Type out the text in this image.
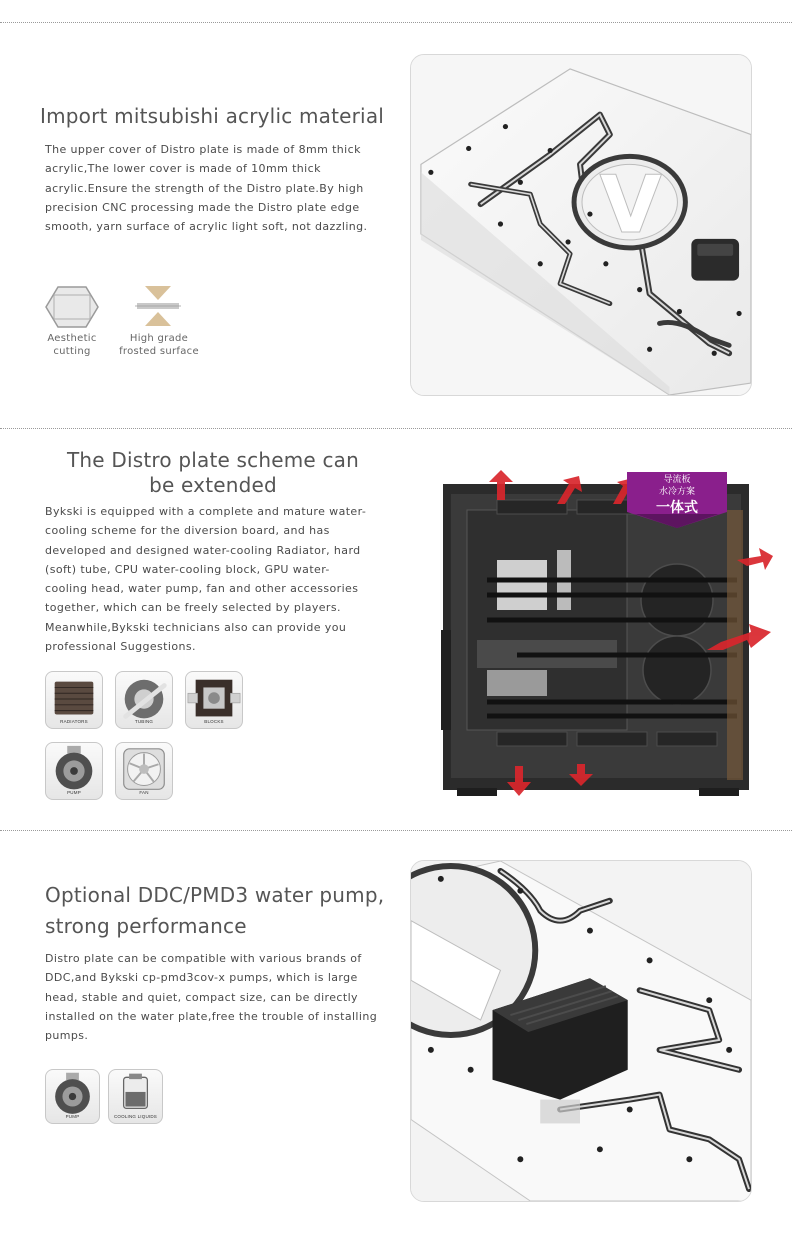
Import mitsubishi acrylic material
The upper cover of Distro plate is made of 8mm thick
acrylic,The lower cover is made of 10mm thick
acrylic.Ensure the strength of the Distro plate.By high
precision CNC processing made the Distro plate edge
smooth, yarn surface of acrylic light soft, not dazzling.
Aesthetic
cutting
High grade
frosted surface
The Distro plate scheme can
be extended
Bykski is equipped with a complete and mature water-
cooling scheme for the diversion board, and has
developed and designed water-cooling Radiator, hard
(soft) tube, CPU water-cooling block, GPU water-
cooling head, water pump, fan and other accessories
together, which can be freely selected by players.
Meanwhile,Bykski technicians also can provide you
professional Suggestions.
RADIATORS	TUBING	BLOCKS
PUMP	FAN
导流板
水冷方案
一体式
Optional DDC/PMD3 water pump,
strong performance
Distro plate can be compatible with various brands of
DDC,and Bykski cp-pmd3cov-x pumps, which is large
head, stable and quiet, compact size, can be directly
installed on the water plate,free the trouble of installing
pumps.
PUMP	COOLING LIQUIDS
